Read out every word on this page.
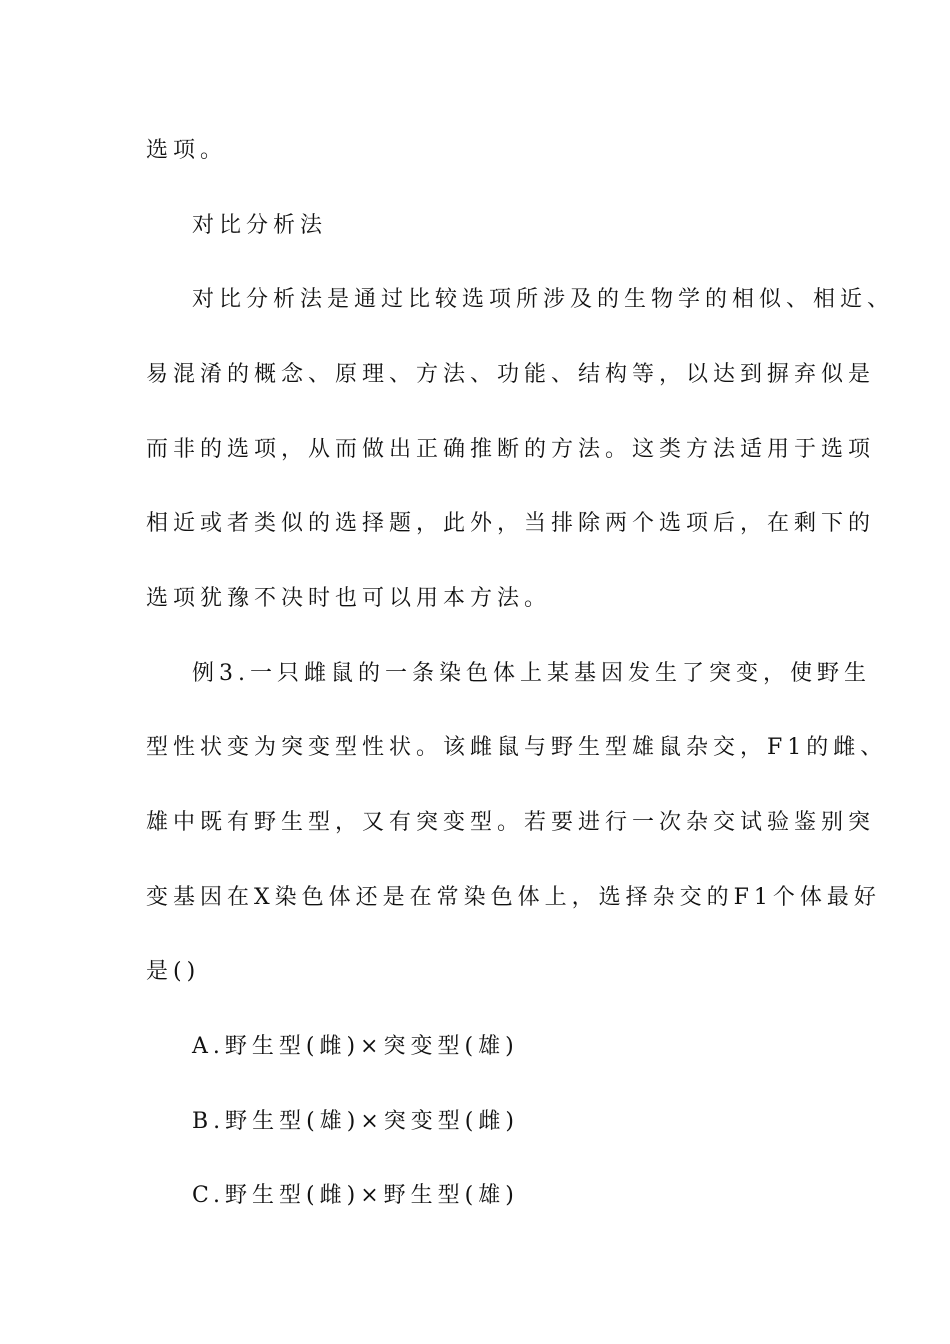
选项。
对比分析法
对比分析法是通过比较选项所涉及的生物学的相似、相近、
易混淆的概念、原理、方法、功能、结构等，以达到摒弃似是
而非的选项，从而做出正确推断的方法。这类方法适用于选项
相近或者类似的选择题，此外，当排除两个选项后，在剩下的
选项犹豫不决时也可以用本方法。
例3.一只雌鼠的一条染色体上某基因发生了突变，使野生
型性状变为突变型性状。该雌鼠与野生型雄鼠杂交，F1的雌、
雄中既有野生型，又有突变型。若要进行一次杂交试验鉴别突
变基因在X染色体还是在常染色体上，选择杂交的F1个体最好
是()
A.野生型(雌)×突变型(雄)
B.野生型(雄)×突变型(雌)
C.野生型(雌)×野生型(雄)
